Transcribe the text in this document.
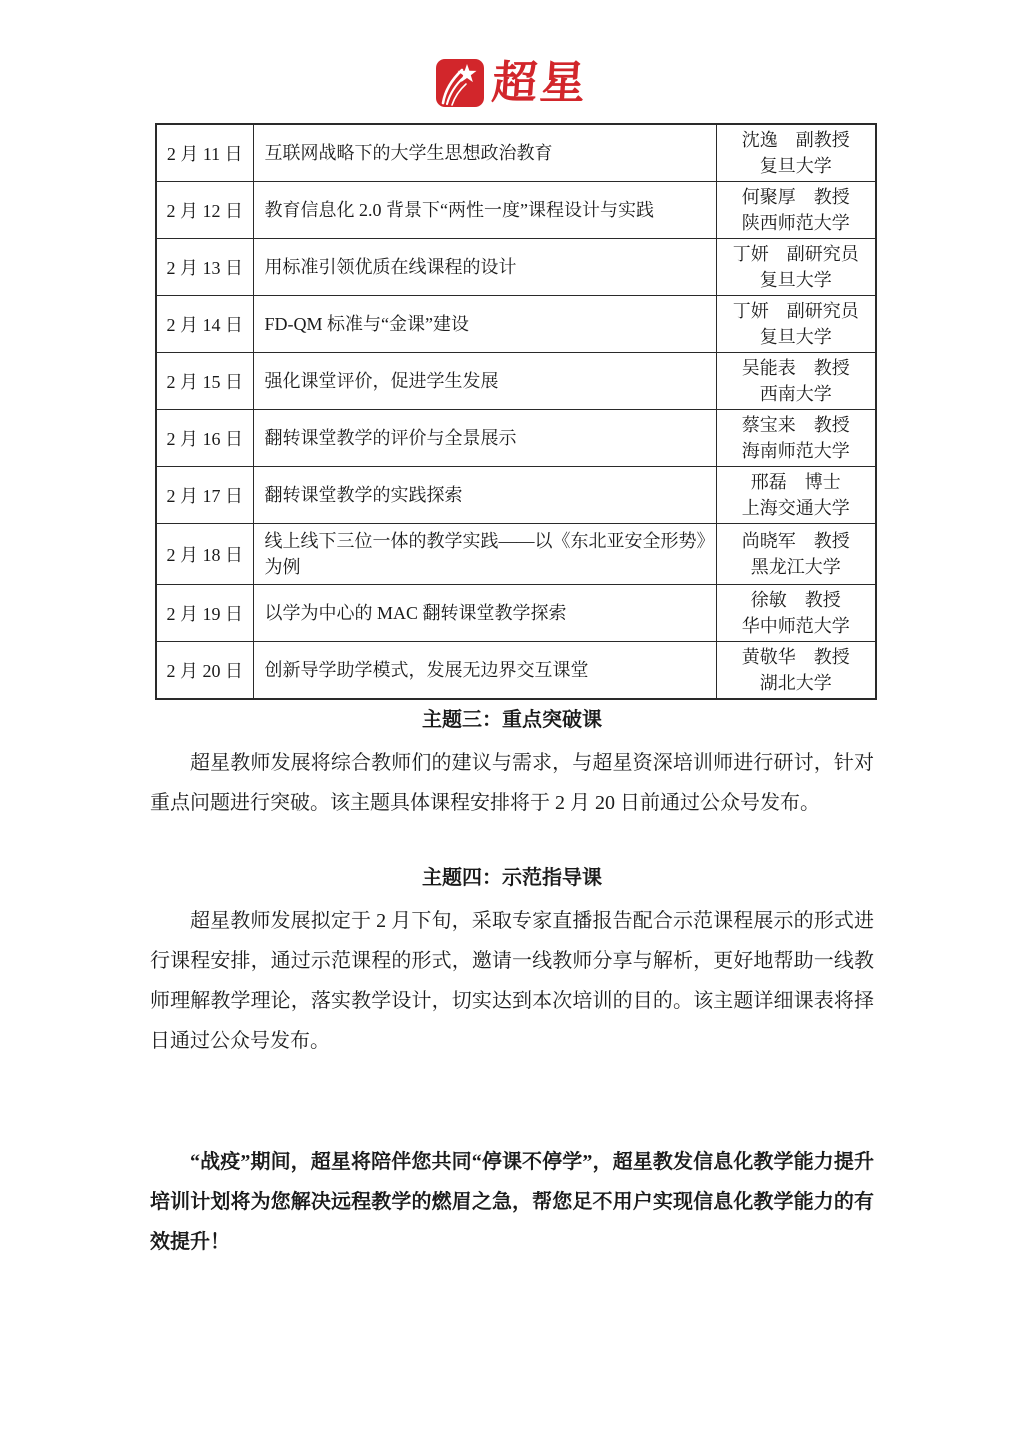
超星
2 月 11 日	互联网战略下的大学生思想政治教育	沈逸　副教授
复旦大学

2 月 12 日	教育信息化 2.0 背景下“两性一度”课程设计与实践	何聚厚　教授
陕西师范大学

2 月 13 日	用标准引领优质在线课程的设计	丁妍　副研究员
复旦大学

2 月 14 日	FD-QM 标准与“金课”建设	丁妍　副研究员
复旦大学

2 月 15 日	强化课堂评价，促进学生发展	吴能表　教授
西南大学

2 月 16 日	翻转课堂教学的评价与全景展示	蔡宝来　教授
海南师范大学

2 月 17 日	翻转课堂教学的实践探索	邢磊　博士
上海交通大学

2 月 18 日	线上线下三位一体的教学实践——以《东北亚安全形势》为例	尚晓军　教授
黑龙江大学

2 月 19 日	以学为中心的 MAC 翻转课堂教学探索	徐敏　教授
华中师范大学

2 月 20 日	创新导学助学模式，发展无边界交互课堂	黄敬华　教授
湖北大学
主题三：重点突破课

超星教师发展将综合教师们的建议与需求，与超星资深培训师进行研讨，针对重点问题进行突破。该主题具体课程安排将于 2 月 20 日前通过公众号发布。

主题四：示范指导课

超星教师发展拟定于 2 月下旬，采取专家直播报告配合示范课程展示的形式进行课程安排，通过示范课程的形式，邀请一线教师分享与解析，更好地帮助一线教师理解教学理论，落实教学设计，切实达到本次培训的目的。该主题详细课表将择日通过公众号发布。

“战疫”期间，超星将陪伴您共同“停课不停学”，超星教发信息化教学能力提升培训计划将为您解决远程教学的燃眉之急，帮您足不用户实现信息化教学能力的有效提升！
